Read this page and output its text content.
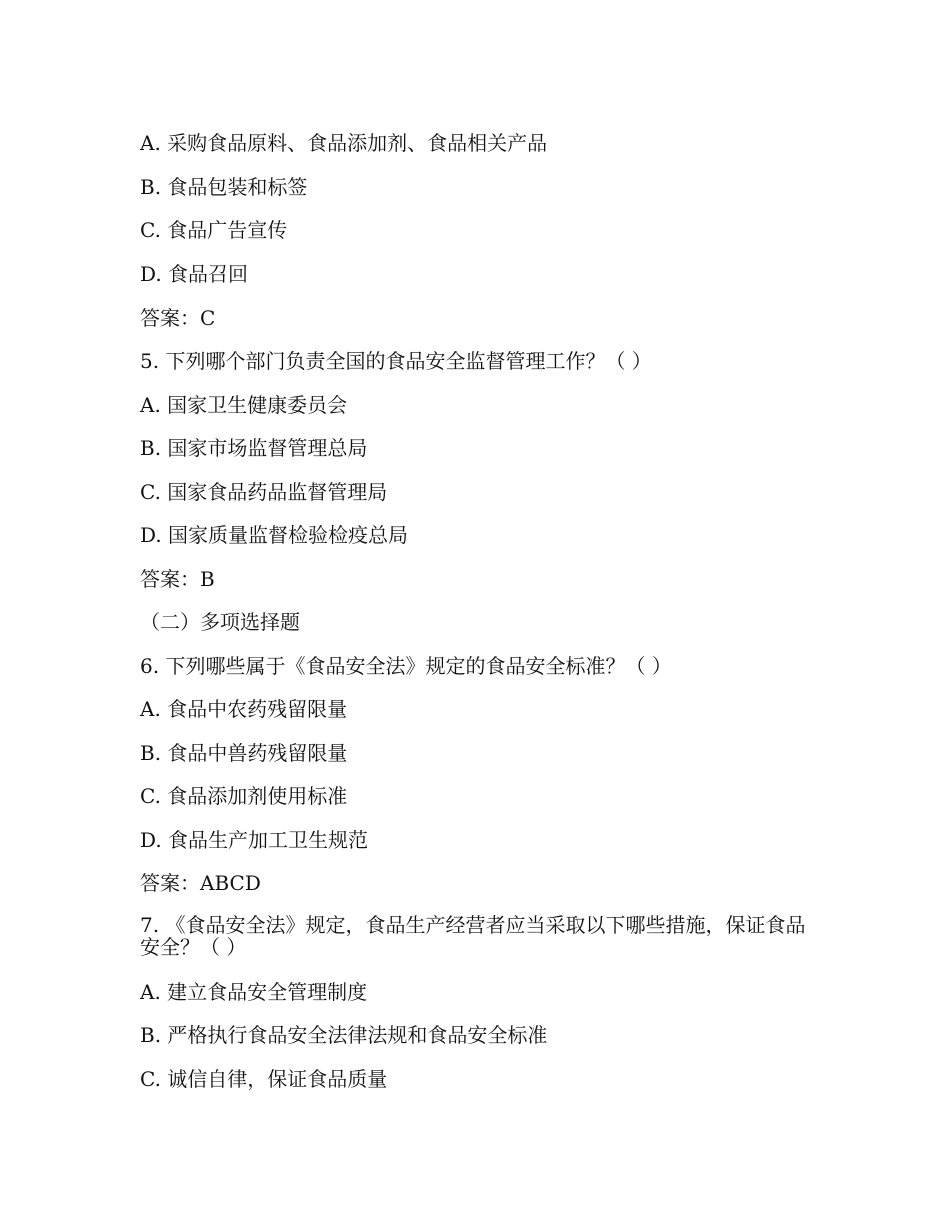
A. 采购食品原料、食品添加剂、食品相关产品
B. 食品包装和标签
C. 食品广告宣传
D. 食品召回
答案：C
5. 下列哪个部门负责全国的食品安全监督管理工作？（ ）
A. 国家卫生健康委员会
B. 国家市场监督管理总局
C. 国家食品药品监督管理局
D. 国家质量监督检验检疫总局
答案：B
（二）多项选择题
6. 下列哪些属于《食品安全法》规定的食品安全标准？（ ）
A. 食品中农药残留限量
B. 食品中兽药残留限量
C. 食品添加剂使用标准
D. 食品生产加工卫生规范
答案：ABCD
7. 《食品安全法》规定，食品生产经营者应当采取以下哪些措施，保证食品安全？（ ）
A. 建立食品安全管理制度
B. 严格执行食品安全法律法规和食品安全标准
C. 诚信自律，保证食品质量
